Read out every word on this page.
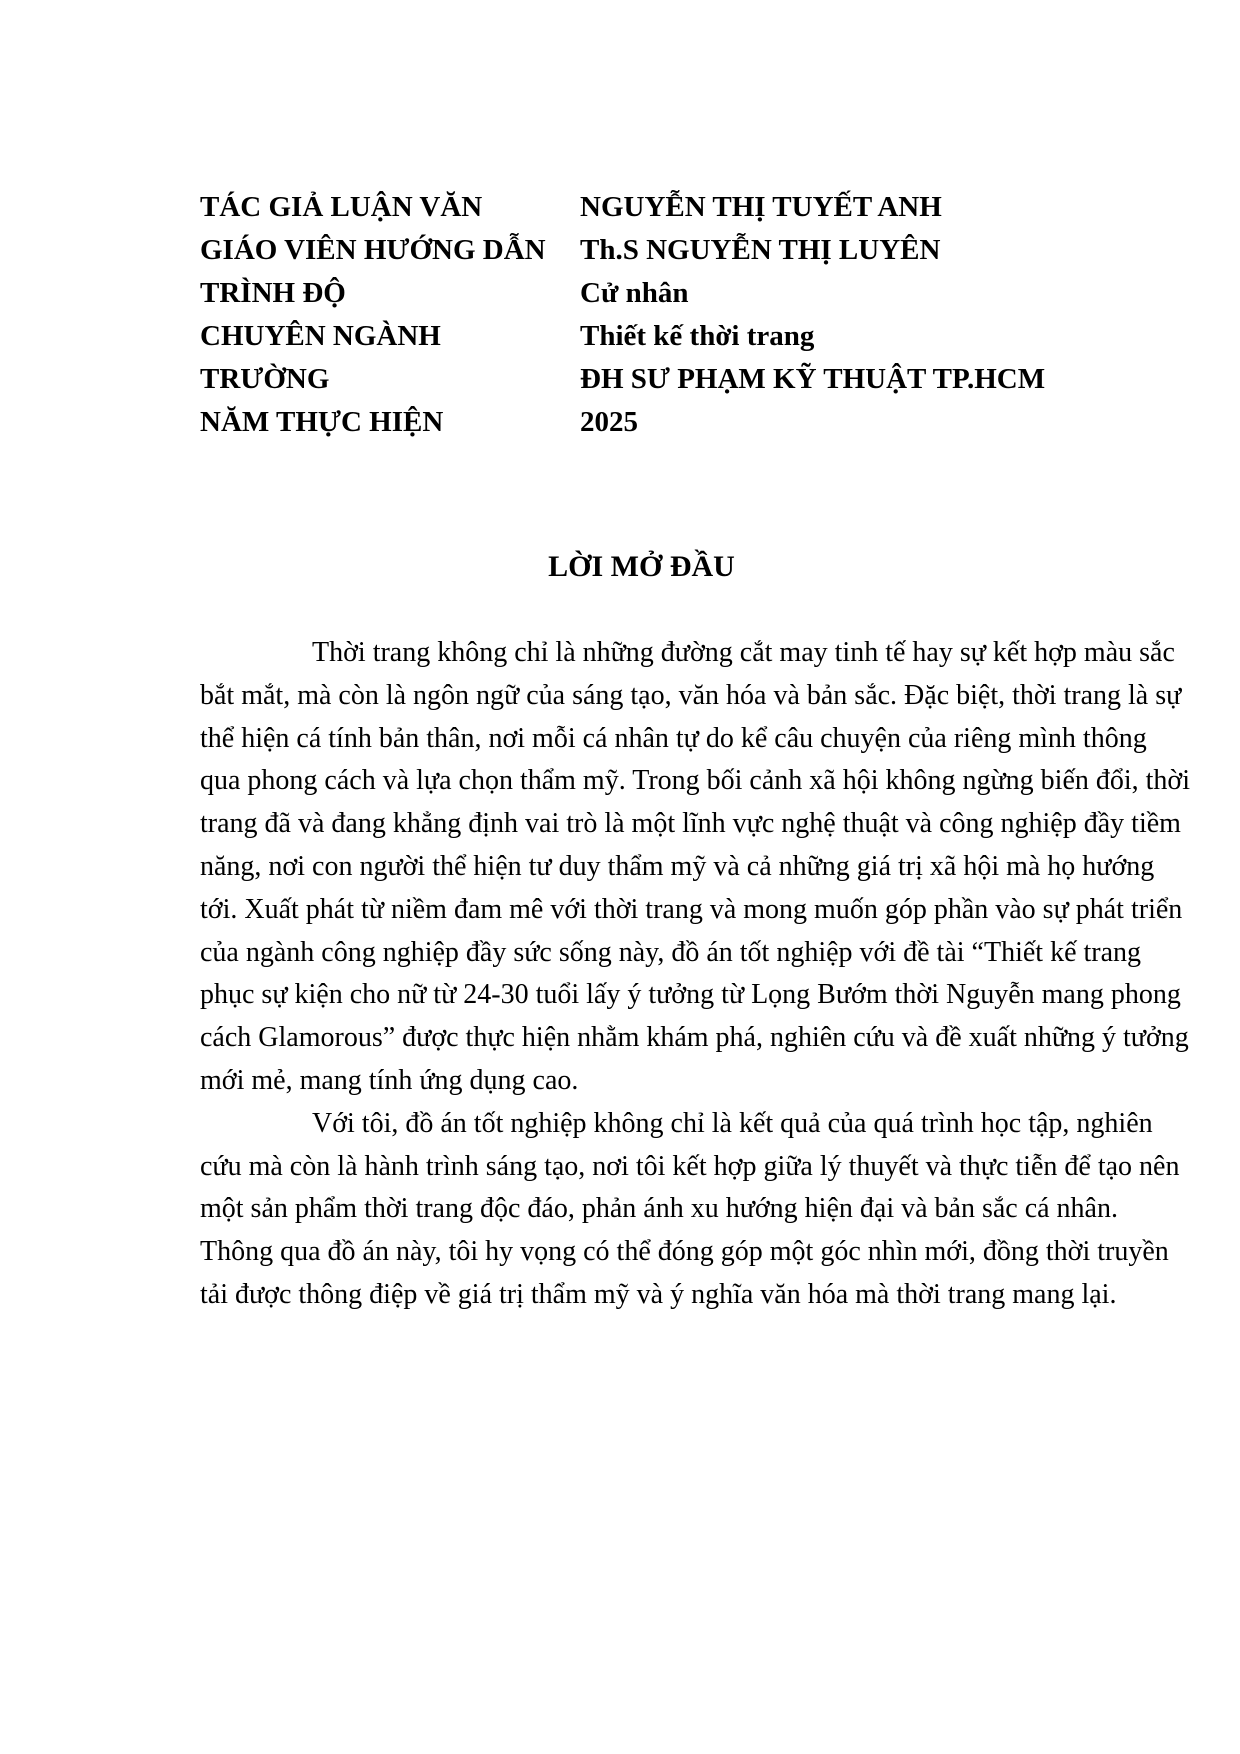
TÁC GIẢ LUẬN VĂN	NGUYỄN THỊ TUYẾT ANH
GIÁO VIÊN HƯỚNG DẪN	Th.S NGUYỄN THỊ LUYÊN
TRÌNH ĐỘ	Cử nhân
CHUYÊN NGÀNH	Thiết kế thời trang
TRƯỜNG	ĐH SƯ PHẠM KỸ THUẬT TP.HCM
NĂM THỰC HIỆN	2025
LỜI MỞ ĐẦU
Thời trang không chỉ là những đường cắt may tinh tế hay sự kết hợp màu sắc
bắt mắt, mà còn là ngôn ngữ của sáng tạo, văn hóa và bản sắc. Đặc biệt, thời trang là sự
thể hiện cá tính bản thân, nơi mỗi cá nhân tự do kể câu chuyện của riêng mình thông
qua phong cách và lựa chọn thẩm mỹ. Trong bối cảnh xã hội không ngừng biến đổi, thời
trang đã và đang khẳng định vai trò là một lĩnh vực nghệ thuật và công nghiệp đầy tiềm
năng, nơi con người thể hiện tư duy thẩm mỹ và cả những giá trị xã hội mà họ hướng
tới. Xuất phát từ niềm đam mê với thời trang và mong muốn góp phần vào sự phát triển
của ngành công nghiệp đầy sức sống này, đồ án tốt nghiệp với đề tài “Thiết kế trang
phục sự kiện cho nữ từ 24-30 tuổi lấy ý tưởng từ Lọng Bướm thời Nguyễn mang phong
cách Glamorous” được thực hiện nhằm khám phá, nghiên cứu và đề xuất những ý tưởng
mới mẻ, mang tính ứng dụng cao.
Với tôi, đồ án tốt nghiệp không chỉ là kết quả của quá trình học tập, nghiên
cứu mà còn là hành trình sáng tạo, nơi tôi kết hợp giữa lý thuyết và thực tiễn để tạo nên
một sản phẩm thời trang độc đáo, phản ánh xu hướng hiện đại và bản sắc cá nhân.
Thông qua đồ án này, tôi hy vọng có thể đóng góp một góc nhìn mới, đồng thời truyền
tải được thông điệp về giá trị thẩm mỹ và ý nghĩa văn hóa mà thời trang mang lại.
